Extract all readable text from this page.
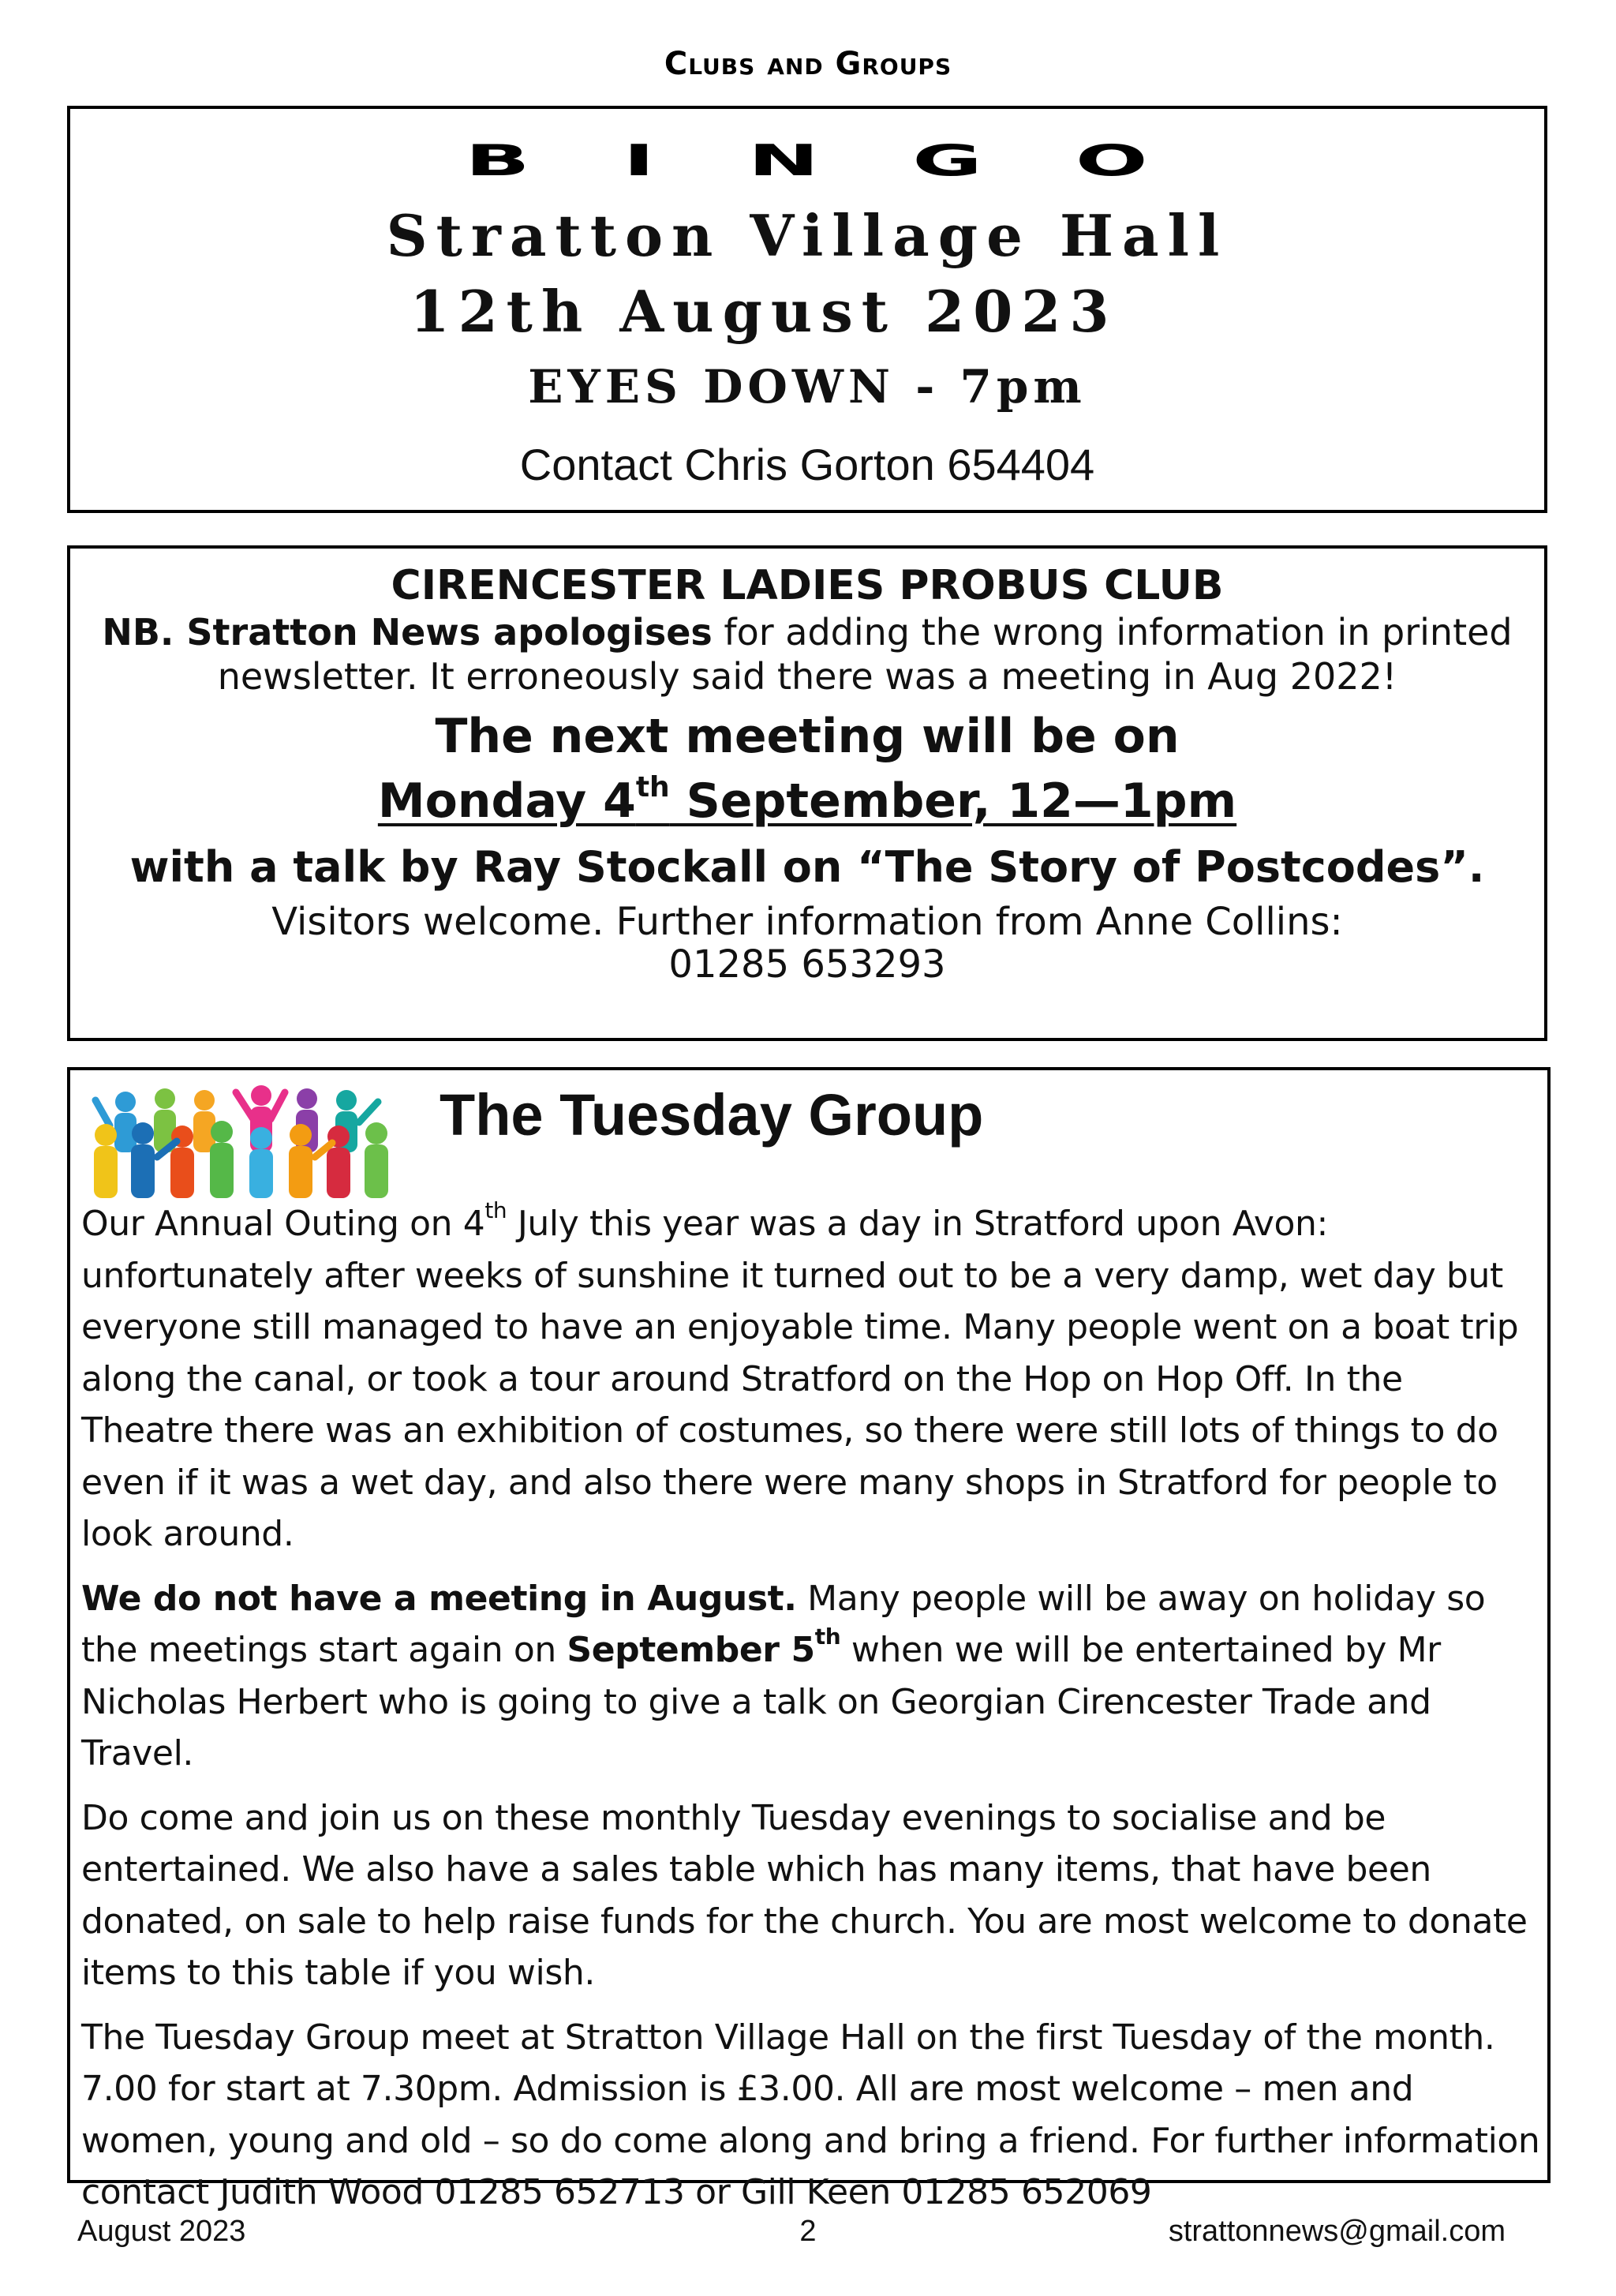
Clubs and Groups
B I N G O
Stratton Village Hall
12th August 2023
EYES DOWN - 7pm
Contact Chris Gorton 654404
CIRENCESTER LADIES PROBUS CLUB
NB. Stratton News apologises for adding the wrong information in printed
newsletter. It erroneously said there was a meeting in Aug 2022!
The next meeting will be on
Monday 4th September, 12—1pm
with a talk by Ray Stockall on “The Story of Postcodes”.
Visitors welcome. Further information from Anne Collins:
01285 653293
The Tuesday Group

Our Annual Outing on 4th July this year was a day in Stratford upon Avon: unfortunately after weeks of sunshine it turned out to be a very damp, wet day but everyone still managed to have an enjoyable time. Many people went on a boat trip along the canal, or took a tour around Stratford on the Hop on Hop Off. In the Theatre there was an exhibition of costumes, so there were still lots of things to do even if it was a wet day, and also there were many shops in Stratford for people to look around.

We do not have a meeting in August. Many people will be away on holiday so the meetings start again on September 5th when we will be entertained by Mr Nicholas Herbert who is going to give a talk on Georgian Cirencester Trade and Travel.

Do come and join us on these monthly Tuesday evenings to socialise and be entertained. We also have a sales table which has many items, that have been donated, on sale to help raise funds for the church. You are most welcome to donate items to this table if you wish.

The Tuesday Group meet at Stratton Village Hall on the first Tuesday of the month. 7.00 for start at 7.30pm. Admission is £3.00. All are most welcome – men and women, young and old – so do come along and bring a friend. For further information contact Judith Wood 01285 652713 or Gill Keen 01285 652069

August 2023	2	strattonnews@gmail.com
